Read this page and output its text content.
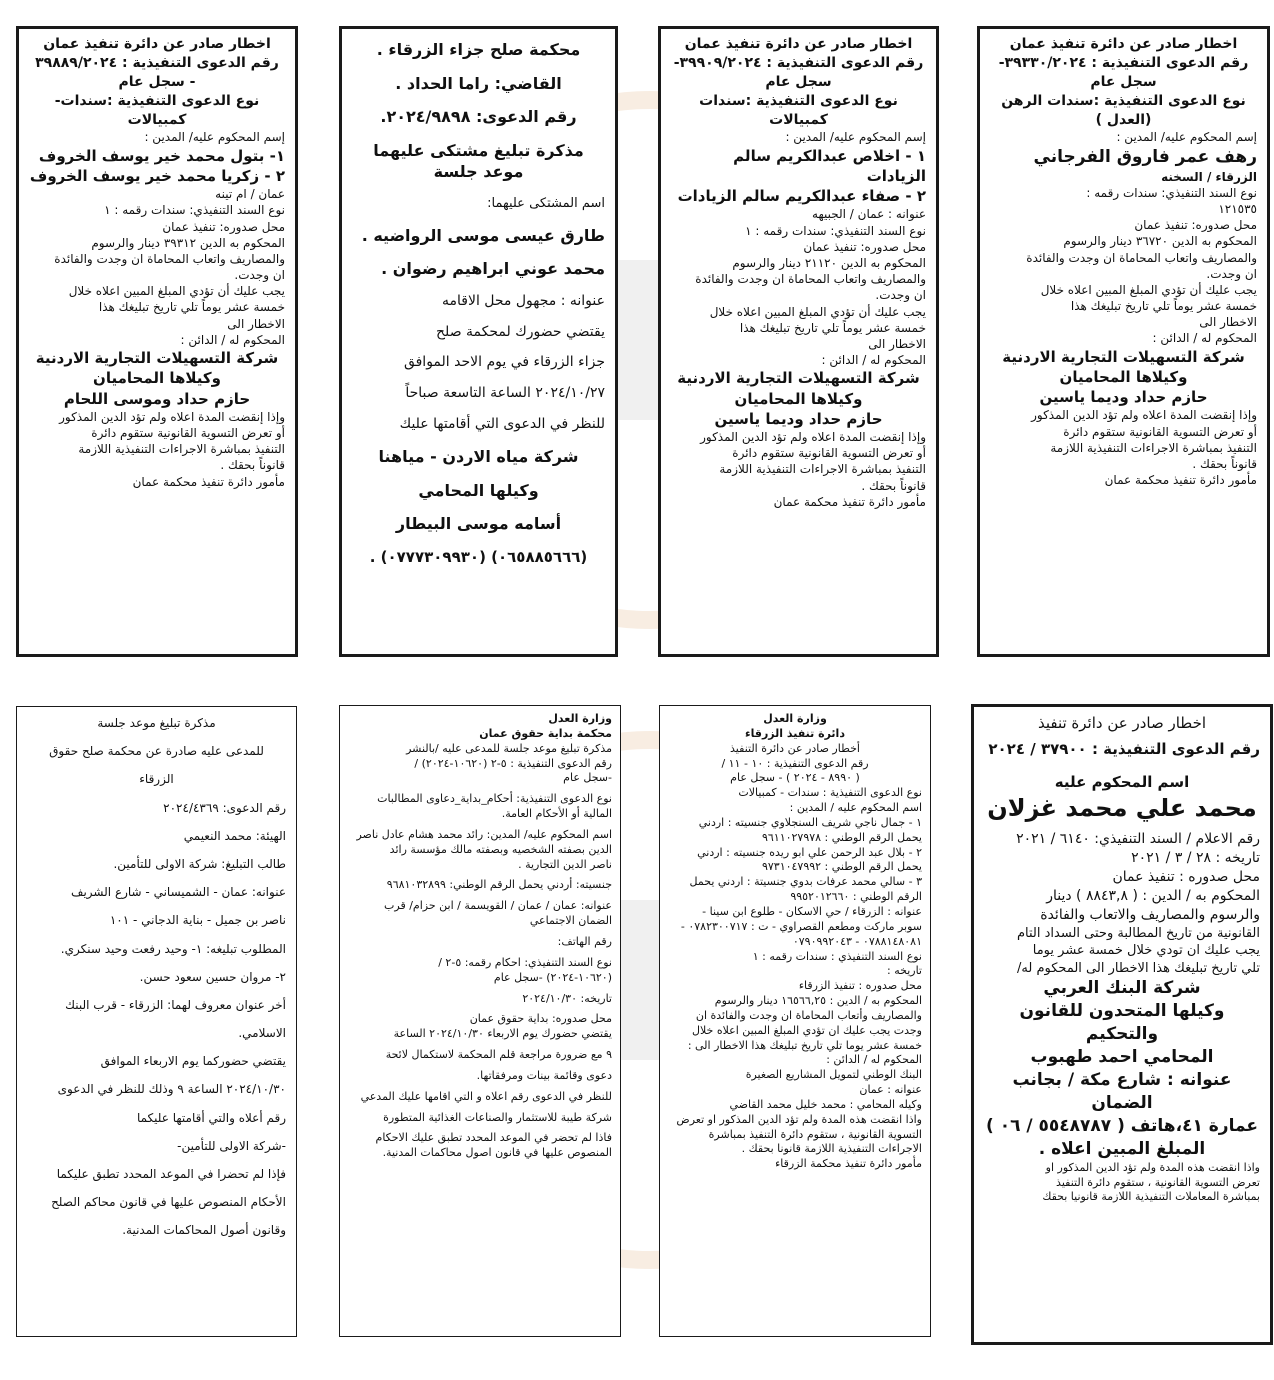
اخطار صادر عن دائرة تنفيذ عمان
رقم الدعوى التنفيذية : ٣٩٣٣٠/٢٠٢٤-
سجل عام
نوع الدعوى التنفيذية :سندات الرهن
(العدل )
إسم المحكوم عليه/ المدين :
رهف عمر فاروق الفرجاني
الزرقاء / السخنه
نوع السند التنفيذي: سندات رقمه :
١٢١٥٣٥
محل صدوره: تنفيذ عمان
المحكوم به الدين ٣٦٧٢٠ دينار والرسوم
والمصاريف واتعاب المحاماة ان وجدت والفائدة
ان وجدت.
يجب عليك أن تؤدي المبلغ المبين اعلاه خلال
خمسة عشر يوماً تلي تاريخ تبليغك هذا
الاخطار الى
المحكوم له / الدائن :
شركة التسهيلات التجارية الاردنية
وكيلاها المحاميان
حازم حداد وديما ياسين
وإذا إنقضت المدة اعلاه ولم تؤد الدين المذكور
أو تعرض التسوية القانونية ستقوم دائرة
التنفيذ بمباشرة الاجراءات التنفيذية اللازمة
قانوناً بحقك .
مأمور دائرة تنفيذ محكمة عمان
اخطار صادر عن دائرة تنفيذ عمان
رقم الدعوى التنفيذية : ٣٩٩٠٩/٢٠٢٤-
سجل عام
نوع الدعوى التنفيذية :سندات كمبيالات
إسم المحكوم عليه/ المدين :
١ - اخلاص عبدالكريم سالم الزيادات
٢ - صفاء عبدالكريم سالم الزيادات
عنوانه : عمان / الجبيهه
نوع السند التنفيذي: سندات رقمه : ١
محل صدوره: تنفيذ عمان
المحكوم به الدين ٢١١٢٠ دينار والرسوم
والمصاريف واتعاب المحاماة ان وجدت والفائدة
ان وجدت.
يجب عليك أن تؤدي المبلغ المبين اعلاه خلال
خمسة عشر يوماً تلي تاريخ تبليغك هذا
الاخطار الى
المحكوم له / الدائن :
شركة التسهيلات التجارية الاردنية
وكيلاها المحاميان
حازم حداد وديما ياسين
وإذا إنقضت المدة اعلاه ولم تؤد الدين المذكور
أو تعرض التسوية القانونية ستقوم دائرة
التنفيذ بمباشرة الاجراءات التنفيذية اللازمة
قانوناً بحقك .
مأمور دائرة تنفيذ محكمة عمان
محكمة صلح جزاء الزرقاء .
القاضي: راما الحداد .
رقم الدعوى: ٢٠٢٤/٩٨٩٨.
مذكرة تبليغ مشتكى عليهما موعد جلسة
اسم المشتكى عليهما:
طارق عيسى موسى الرواضيه .
محمد عوني ابراهيم رضوان .
عنوانه : مجهول محل الاقامه
يقتضي حضورك لمحكمة صلح
جزاء الزرقاء في يوم الاحد الموافق
٢٠٢٤/١٠/٢٧ الساعة التاسعة صباحاً
للنظر في الدعوى التي أقامتها عليك
شركة مياه الاردن - مياهنا
وكيلها المحامي
أسامه موسى البيطار
(٠٦٥٨٨٥٦٦٦) (٠٧٧٧٣٠٩٩٣٠) .
اخطار صادر عن دائرة تنفيذ عمان
رقم الدعوى التنفيذية : ٣٩٨٨٩/٢٠٢٤
- سجل عام
نوع الدعوى التنفيذية :سندات- كمبيالات
إسم المحكوم عليه/ المدين :
١- بتول محمد خير يوسف الخروف
٢ - زكريا محمد خير يوسف الخروف
عمان / ام تينه
نوع السند التنفيذي: سندات رقمه : ١
محل صدوره: تنفيذ عمان
المحكوم به الدين ٣٩٣١٢ دينار والرسوم
والمصاريف واتعاب المحاماة ان وجدت والفائدة
ان وجدت.
يجب عليك أن تؤدي المبلغ المبين اعلاه خلال
خمسة عشر يوماً تلي تاريخ تبليغك هذا
الاخطار الى
المحكوم له / الدائن :
شركة التسهيلات التجارية الاردنية
وكيلاها المحاميان
حازم حداد وموسى اللحام
وإذا إنقضت المدة اعلاه ولم تؤد الدين المذكور
أو تعرض التسوية القانونية ستقوم دائرة
التنفيذ بمباشرة الاجراءات التنفيذية اللازمة
قانوناً بحقك .
مأمور دائرة تنفيذ محكمة عمان
اخطار صادر عن دائرة تنفيذ
رقم الدعوى التنفيذية : ٣٧٩٠٠ / ٢٠٢٤
اسم المحكوم عليه
محمد علي محمد غزلان
رقم الاعلام / السند التنفيذي: ٦١٤٠ / ٢٠٢١
تاريخه : ٢٨ / ٣ / ٢٠٢١
محل صدوره : تنفيذ عمان
المحكوم به / الدين : ( ٨٨٤٣,٨ ) دينار
والرسوم والمصاريف والاتعاب والفائدة
القانونية من تاريخ المطالبة وحتى السداد التام
يجب عليك ان تودي خلال خمسة عشر يوما
تلي تاريخ تبليغك هذا الاخطار الى المحكوم له/
شركة البنك العربي
وكيلها المتحدون للقانون والتحكيم
المحامي احمد طهبوب
عنوانه : شارع مكة / بجانب الضمان
عمارة ٤١،هاتف ( ٥٥٤٨٧٨٧ / ٠٦ )
المبلغ المبين اعلاه .
واذا انقضت هذه المدة ولم تؤد الدين المذكور او
تعرض التسوية القانونية ، ستقوم دائرة التنفيذ
بمباشرة المعاملات التنفيذية اللازمة قانونيا بحقك
وزارة العدل
دائرة تنفيذ الزرقاء
أخطار صادر عن دائرة التنفيذ
رقم الدعوى التنفيذية : ١٠ - ١١ /
( ٨٩٩٠ - ٢٠٢٤ ) - سجل عام
نوع الدعوى التنفيذية : سندات - كمبيالات
اسم المحكوم عليه / المدين :
١ - جمال ناجي شريف السنجلاوي جنسيته : اردني
يحمل الرقم الوطني : ٩٦١١٠٢٧٩٧٨
٢ - بلال عبد الرحمن علي ابو ريده جنسيته : اردني
يحمل الرقم الوطني : ٩٧٣١٠٤٧٩٩٢
٣ - سالي محمد عرفات بدوي جنسيتة : اردني يحمل
الرقم الوطني : ٩٩٥٢٠١٢٦٦٠
عنوانه : الزرقاء / حي الاسكان - طلوع ابن سينا -
سوبر ماركت ومطعم القصراوي - ت : ٠٧٨٢٣٠٠٧١٧ -
٠٧٨٨١٤٨٠٨١ - ٠٧٩٠٩٩٢٠٤٣
نوع السند التنفيذي : سندات رقمه : ١
تاريخه :
محل صدوره : تنفيذ الزرقاء
المحكوم به / الدين : ١٦٥٦٦,٢٥ دينار والرسوم
والمصاريف وأتعاب المحاماة ان وجدت والفائدة ان
وجدت يجب عليك ان تؤدي المبلغ المبين اعلاه خلال
خمسة عشر يوما تلي تاريخ تبليغك هذا الاخطار الى :
المحكوم له / الدائن :
البنك الوطني لتمويل المشاريع الصغيرة
عنوانه : عمان
وكيله المحامي : محمد خليل محمد القاضي
واذا انقضت هذه المدة ولم تؤد الدين المذكور او تعرض
التسوية القانونية ، ستقوم دائرة التنفيذ بمباشرة
الاجراءات التنفيذية اللازمة قانونا بحقك .
مأمور دائرة تنفيذ محكمة الزرقاء
وزارة العدل
محكمة بداية حقوق عمان
مذكرة تبليغ موعد جلسة للمدعى عليه /بالنشر
رقم الدعوى التنفيذية : ٥-٢ (١٠٦٢٠-٢٠٢٤) /
-سجل عام
نوع الدعوى التنفيذية: أحكام_بداية_دعاوى المطالبات
المالية أو الأحكام العامة.
اسم المحكوم عليه/ المدين: رائد محمد هشام عادل ناصر
الدين بصفته الشخصيه وبصفته مالك مؤسسة رائد
ناصر الدين التجارية .
جنسيته: أردني يحمل الرقم الوطني: ٩٦٨١٠٣٢٨٩٩
عنوانه: عمان / عمان / القويسمة / ابن حزام/ قرب
الضمان الاجتماعي
رقم الهاتف:
نوع السند التنفيذي: احكام رقمه: ٥-٢ /
(١٠٦٢٠-٢٠٢٤) -سجل عام
تاريخه: ٢٠٢٤/١٠/٣٠
محل صدوره: بداية حقوق عمان
يقتضي حضورك يوم الاربعاء ٢٠٢٤/١٠/٣٠ الساعة
٩ مع ضرورة مراجعة قلم المحكمة لاستكمال لائحة
دعوى وقائمة بينات ومرفقاتها.
للنظر في الدعوى رقم اعلاه و التي اقامها عليك المدعي
شركة طيبة للاستثمار والصناعات الغذائية المتطورة
فاذا لم تحضر في الموعد المحدد تطبق عليك الاحكام
المنصوص عليها في قانون اصول محاكمات المدنية.
مذكرة تبليغ موعد جلسة
للمدعى عليه صادرة عن محكمة صلح حقوق
الزرقاء
رقم الدعوى: ٢٠٢٤/٤٣٦٩
الهيئة: محمد النعيمي
طالب التبليغ: شركة الاولى للتأمين.
عنوانه: عمان - الشميساني - شارع الشريف
ناصر بن جميل - بناية الدجاني - ١٠١
المطلوب تبليغه: ١- وحيد رفعت وحيد سنكري.
٢- مروان حسين سعود حسن.
أخر عنوان معروف لهما: الزرقاء - قرب البنك
الاسلامي.
يقتضي حضوركما يوم الاربعاء الموافق
٢٠٢٤/١٠/٣٠ الساعة ٩ وذلك للنظر في الدعوى
رقم أعلاه والتي أقامتها عليكما
-شركة الاولى للتأمين-
فإذا لم تحضرا في الموعد المحدد تطبق عليكما
الأحكام المنصوص عليها في قانون محاكم الصلح
وقانون أصول المحاكمات المدنية.
